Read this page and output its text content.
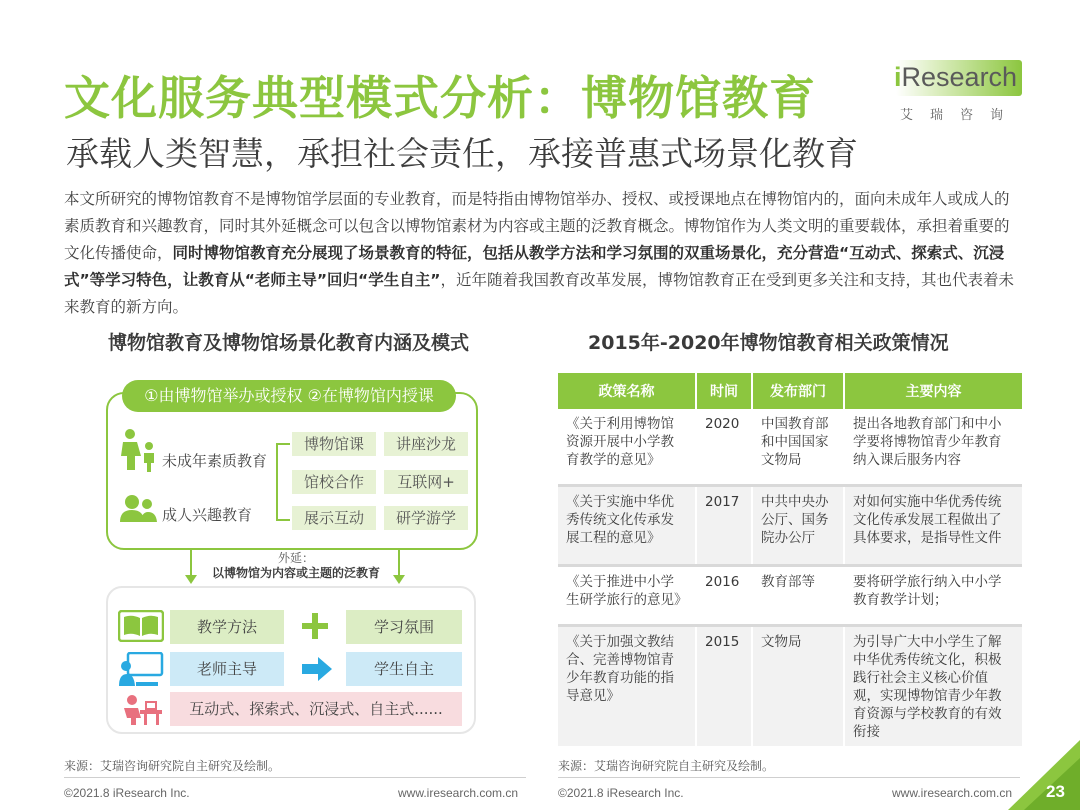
文化服务典型模式分析：博物馆教育
承载人类智慧，承担社会责任，承接普惠式场景化教育
iResearch
艾瑞咨询
本文所研究的博物馆教育不是博物馆学层面的专业教育，而是特指由博物馆举办、授权、或授课地点在博物馆内的，面向未成年人或成人的素质教育和兴趣教育，同时其外延概念可以包含以博物馆素材为内容或主题的泛教育概念。博物馆作为人类文明的重要载体，承担着重要的文化传播使命，同时博物馆教育充分展现了场景教育的特征，包括从教学方法和学习氛围的双重场景化，充分营造“互动式、探索式、沉浸式”等学习特色，让教育从“老师主导”回归“学生自主”，近年随着我国教育改革发展，博物馆教育正在受到更多关注和支持，其也代表着未来教育的新方向。
博物馆教育及博物馆场景化教育内涵及模式
①由博物馆举办或授权 ②在博物馆内授课
未成年素质教育
成人兴趣教育
博物馆课	讲座沙龙
馆校合作	互联网+
展示互动	研学游学
外延：
以博物馆为内容或主题的泛教育
教学方法	学习氛围
老师主导	学生自主
互动式、探索式、沉浸式、自主式......
来源：艾瑞咨询研究院自主研究及绘制。
2015年-2020年博物馆教育相关政策情况
政策名称	时间	发布部门	主要内容
《关于利用博物馆资源开展中小学教育教学的意见》	2020	中国教育部和中国国家文物局	提出各地教育部门和中小学要将博物馆青少年教育纳入课后服务内容
《关于实施中华优秀传统文化传承发展工程的意见》	2017	中共中央办公厅、国务院办公厅	对如何实施中华优秀传统文化传承发展工程做出了具体要求，是指导性文件
《关于推进中小学生研学旅行的意见》	2016	教育部等	要将研学旅行纳入中小学教育教学计划；
《关于加强文教结合、完善博物馆青少年教育功能的指导意见》	2015	文物局	为引导广大中小学生了解中华优秀传统文化，积极践行社会主义核心价值观，实现博物馆青少年教育资源与学校教育的有效衔接
来源：艾瑞咨询研究院自主研究及绘制。
©2021.8 iResearch Inc.	www.iresearch.com.cn	©2021.8 iResearch Inc.	www.iresearch.com.cn 23
